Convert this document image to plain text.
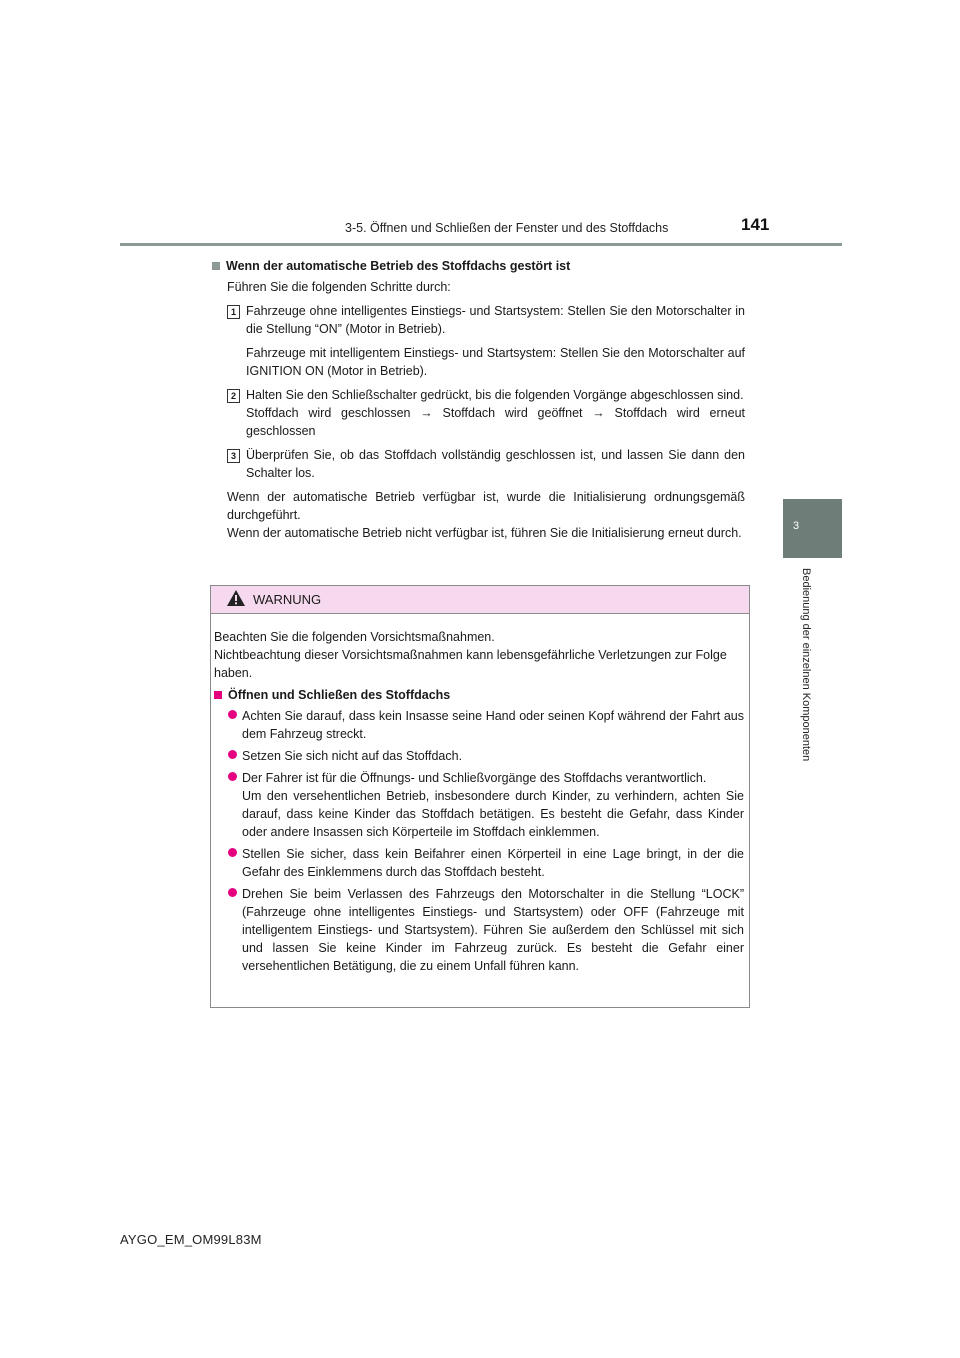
3-5. Öffnen und Schließen der Fenster und des Stoffdachs	141
3
Bedienung der einzelnen Komponenten
Wenn der automatische Betrieb des Stoffdachs gestört ist
Führen Sie die folgenden Schritte durch:
1 Fahrzeuge ohne intelligentes Einstiegs- und Startsystem: Stellen Sie den Motorschalter in die Stellung “ON” (Motor in Betrieb).
Fahrzeuge mit intelligentem Einstiegs- und Startsystem: Stellen Sie den Motorschalter auf IGNITION ON (Motor in Betrieb).
2 Halten Sie den Schließschalter gedrückt, bis die folgenden Vorgänge abgeschlossen sind.
Stoffdach wird geschlossen → Stoffdach wird geöffnet → Stoffdach wird erneut geschlossen
3 Überprüfen Sie, ob das Stoffdach vollständig geschlossen ist, und lassen Sie dann den Schalter los.
Wenn der automatische Betrieb verfügbar ist, wurde die Initialisierung ordnungsgemäß durchgeführt.
Wenn der automatische Betrieb nicht verfügbar ist, führen Sie die Initialisierung erneut durch.
WARNUNG
Beachten Sie die folgenden Vorsichtsmaßnahmen.
Nichtbeachtung dieser Vorsichtsmaßnahmen kann lebensgefährliche Verletzungen zur Folge haben.
Öffnen und Schließen des Stoffdachs
Achten Sie darauf, dass kein Insasse seine Hand oder seinen Kopf während der Fahrt aus dem Fahrzeug streckt.
Setzen Sie sich nicht auf das Stoffdach.
Der Fahrer ist für die Öffnungs- und Schließvorgänge des Stoffdachs verantwortlich.
Um den versehentlichen Betrieb, insbesondere durch Kinder, zu verhindern, achten Sie darauf, dass keine Kinder das Stoffdach betätigen. Es besteht die Gefahr, dass Kinder oder andere Insassen sich Körperteile im Stoffdach einklemmen.
Stellen Sie sicher, dass kein Beifahrer einen Körperteil in eine Lage bringt, in der die Gefahr des Einklemmens durch das Stoffdach besteht.
Drehen Sie beim Verlassen des Fahrzeugs den Motorschalter in die Stellung “LOCK” (Fahrzeuge ohne intelligentes Einstiegs- und Startsystem) oder OFF (Fahrzeuge mit intelligentem Einstiegs- und Startsystem). Führen Sie außerdem den Schlüssel mit sich und lassen Sie keine Kinder im Fahrzeug zurück. Es besteht die Gefahr einer versehentlichen Betätigung, die zu einem Unfall führen kann.
AYGO_EM_OM99L83M
